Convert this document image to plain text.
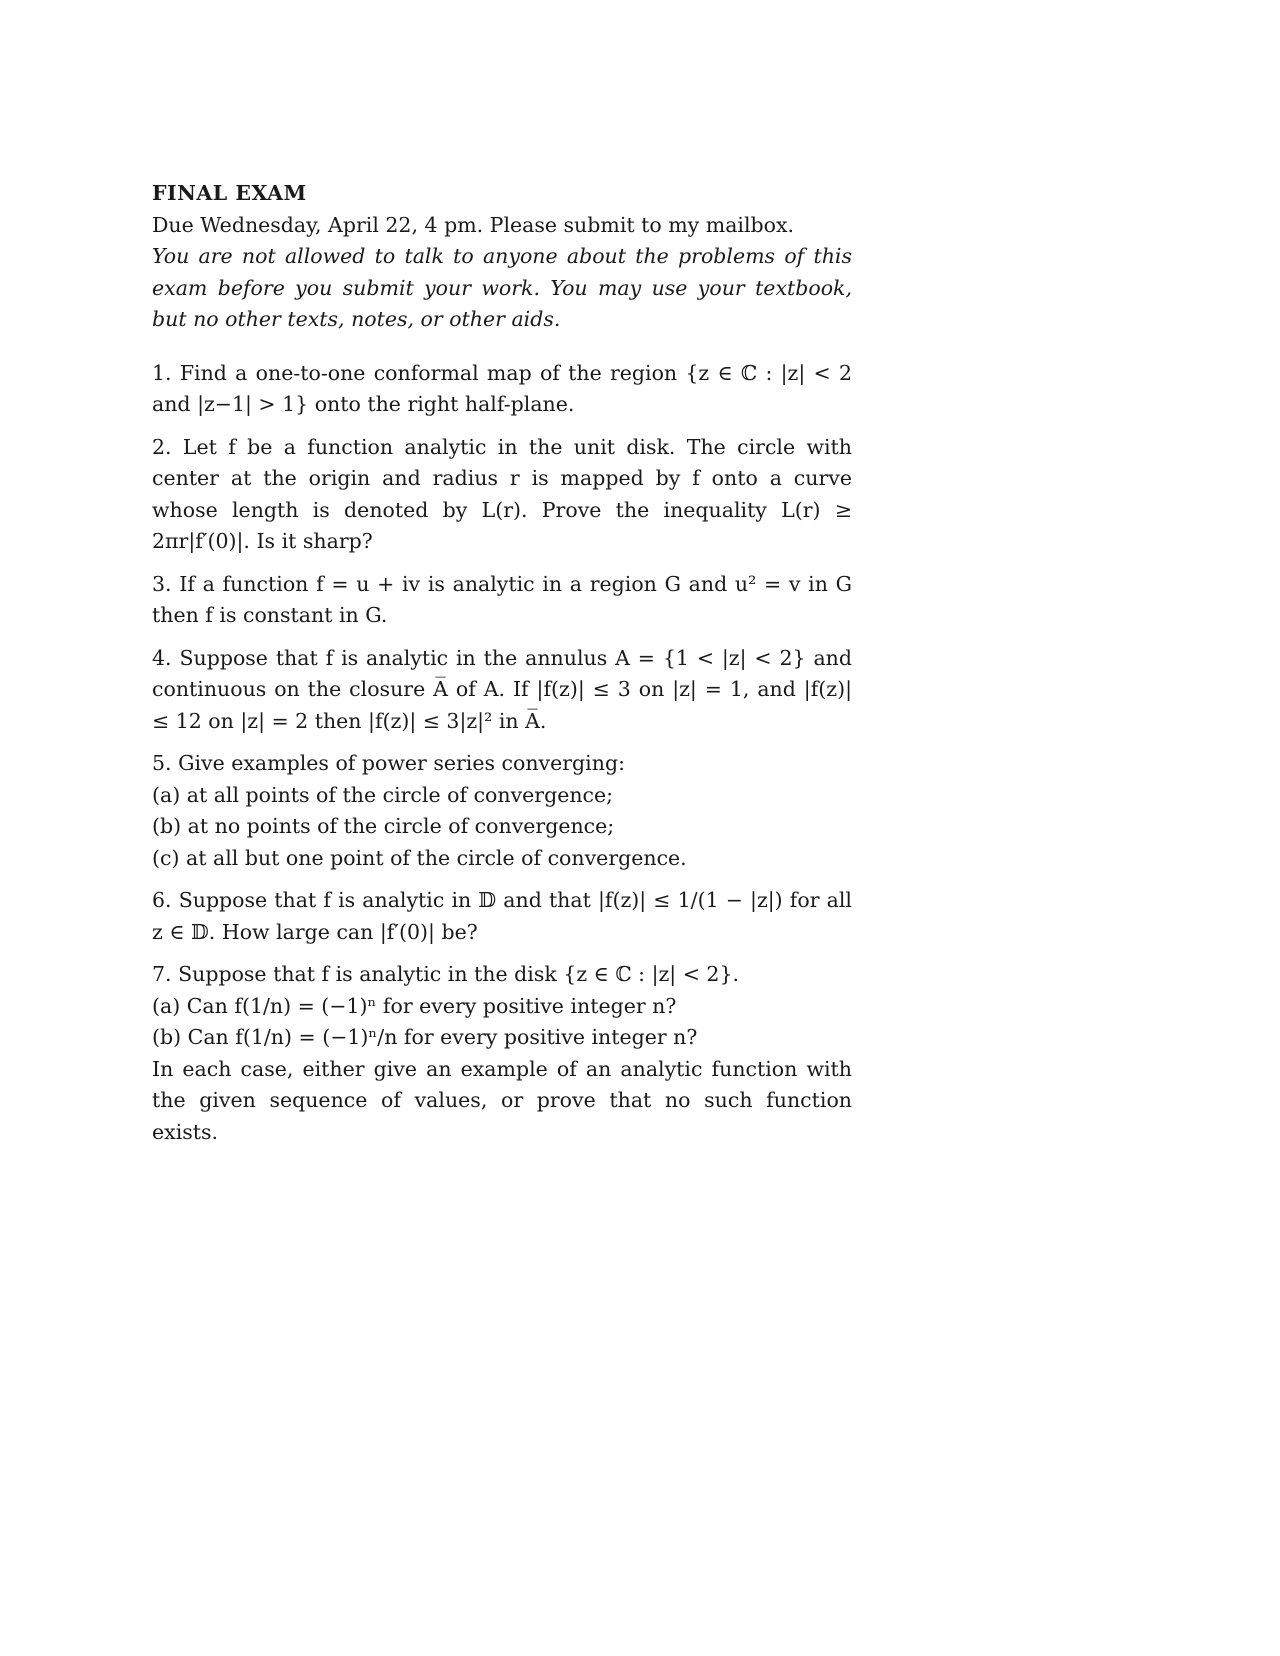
FINAL EXAM

Due Wednesday, April 22, 4 pm. Please submit to my mailbox.

You are not allowed to talk to anyone about the problems of this exam before you submit your work. You may use your textbook, but no other texts, notes, or other aids.

1. Find a one-to-one conformal map of the region {z ∈ ℂ : |z| < 2 and |z−1| > 1} onto the right half-plane.

2. Let f be a function analytic in the unit disk. The circle with center at the origin and radius r is mapped by f onto a curve whose length is denoted by L(r). Prove the inequality L(r) ≥ 2πr|f′(0)|. Is it sharp?

3. If a function f = u + iv is analytic in a region G and u² = v in G then f is constant in G.

4. Suppose that f is analytic in the annulus A = {1 < |z| < 2} and continuous on the closure A̅ of A. If |f(z)| ≤ 3 on |z| = 1, and |f(z)| ≤ 12 on |z| = 2 then |f(z)| ≤ 3|z|² in A̅.

5. Give examples of power series converging:

(a) at all points of the circle of convergence;

(b) at no points of the circle of convergence;

(c) at all but one point of the circle of convergence.

6. Suppose that f is analytic in 𝔻 and that |f(z)| ≤ 1/(1 − |z|) for all z ∈ 𝔻. How large can |f′(0)| be?

7. Suppose that f is analytic in the disk {z ∈ ℂ : |z| < 2}.

(a) Can f(1/n) = (−1)ⁿ for every positive integer n?

(b) Can f(1/n) = (−1)ⁿ/n for every positive integer n?

In each case, either give an example of an analytic function with the given sequence of values, or prove that no such function exists.
